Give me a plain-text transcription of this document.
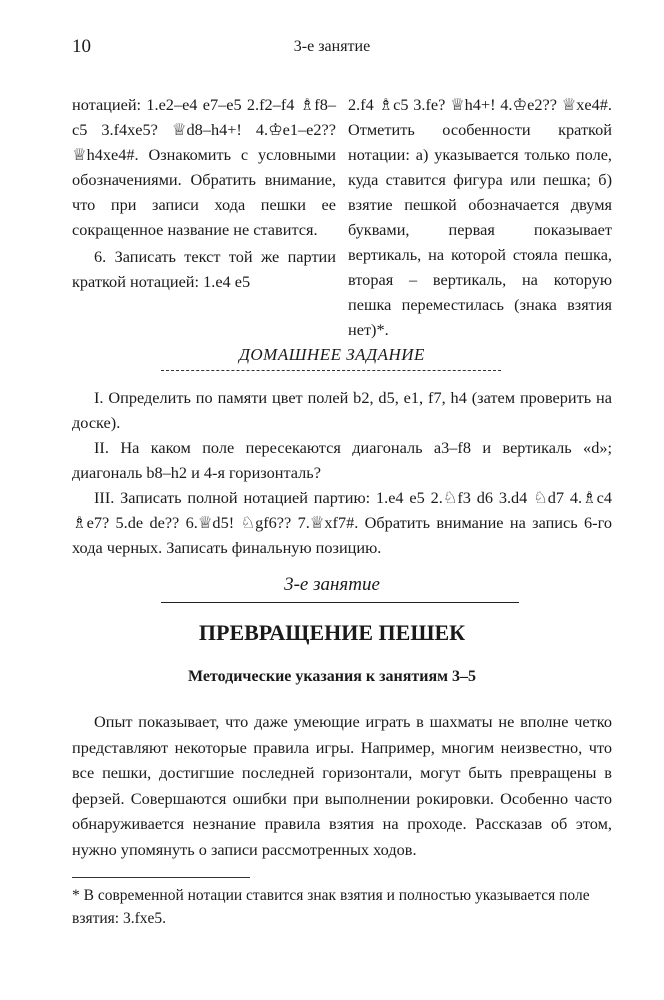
10	3-е занятие

нотацией: 1.e2–e4 e7–e5 2.f2–f4 ♗f8–c5 3.f4xe5? ♕d8–h4+! 4.♔e1–e2?? ♕h4xe4#. Ознакомить с условными обозначениями. Обратить внимание, что при записи хода пешки ее сокращенное название не ставится.

6. Записать текст той же партии краткой нотацией: 1.e4 e5

2.f4 ♗c5 3.fe? ♕h4+! 4.♔e2?? ♕xe4#. Отметить особенности краткой нотации: а) указывается только поле, куда ставится фигура или пешка; б) взятие пешкой обозначается двумя буквами, первая показывает вертикаль, на которой стояла пешка, вторая – вертикаль, на которую пешка переместилась (знака взятия нет)*.

ДОМАШНЕЕ ЗАДАНИЕ

I. Определить по памяти цвет полей b2, d5, e1, f7, h4 (затем проверить на доске).

II. На каком поле пересекаются диагональ a3–f8 и вертикаль «d»; диагональ b8–h2 и 4-я горизонталь?

III. Записать полной нотацией партию: 1.e4 e5 2.♘f3 d6 3.d4 ♘d7 4.♗c4 ♗e7? 5.de de?? 6.♕d5! ♘gf6?? 7.♕xf7#. Обратить внимание на запись 6-го хода черных. Записать финальную позицию.

3-е занятие
ПРЕВРАЩЕНИЕ ПЕШЕК
Методические указания к занятиям 3–5

Опыт показывает, что даже умеющие играть в шахматы не вполне четко представляют некоторые правила игры. Например, многим неизвестно, что все пешки, достигшие последней горизонтали, могут быть превращены в ферзей. Совершаются ошибки при выполнении рокировки. Особенно часто обнаруживается незнание правила взятия на проходе. Рассказав об этом, нужно упомянуть о записи рассмотренных ходов.

* В современной нотации ставится знак взятия и полностью указывается поле взятия: 3.fxe5.
